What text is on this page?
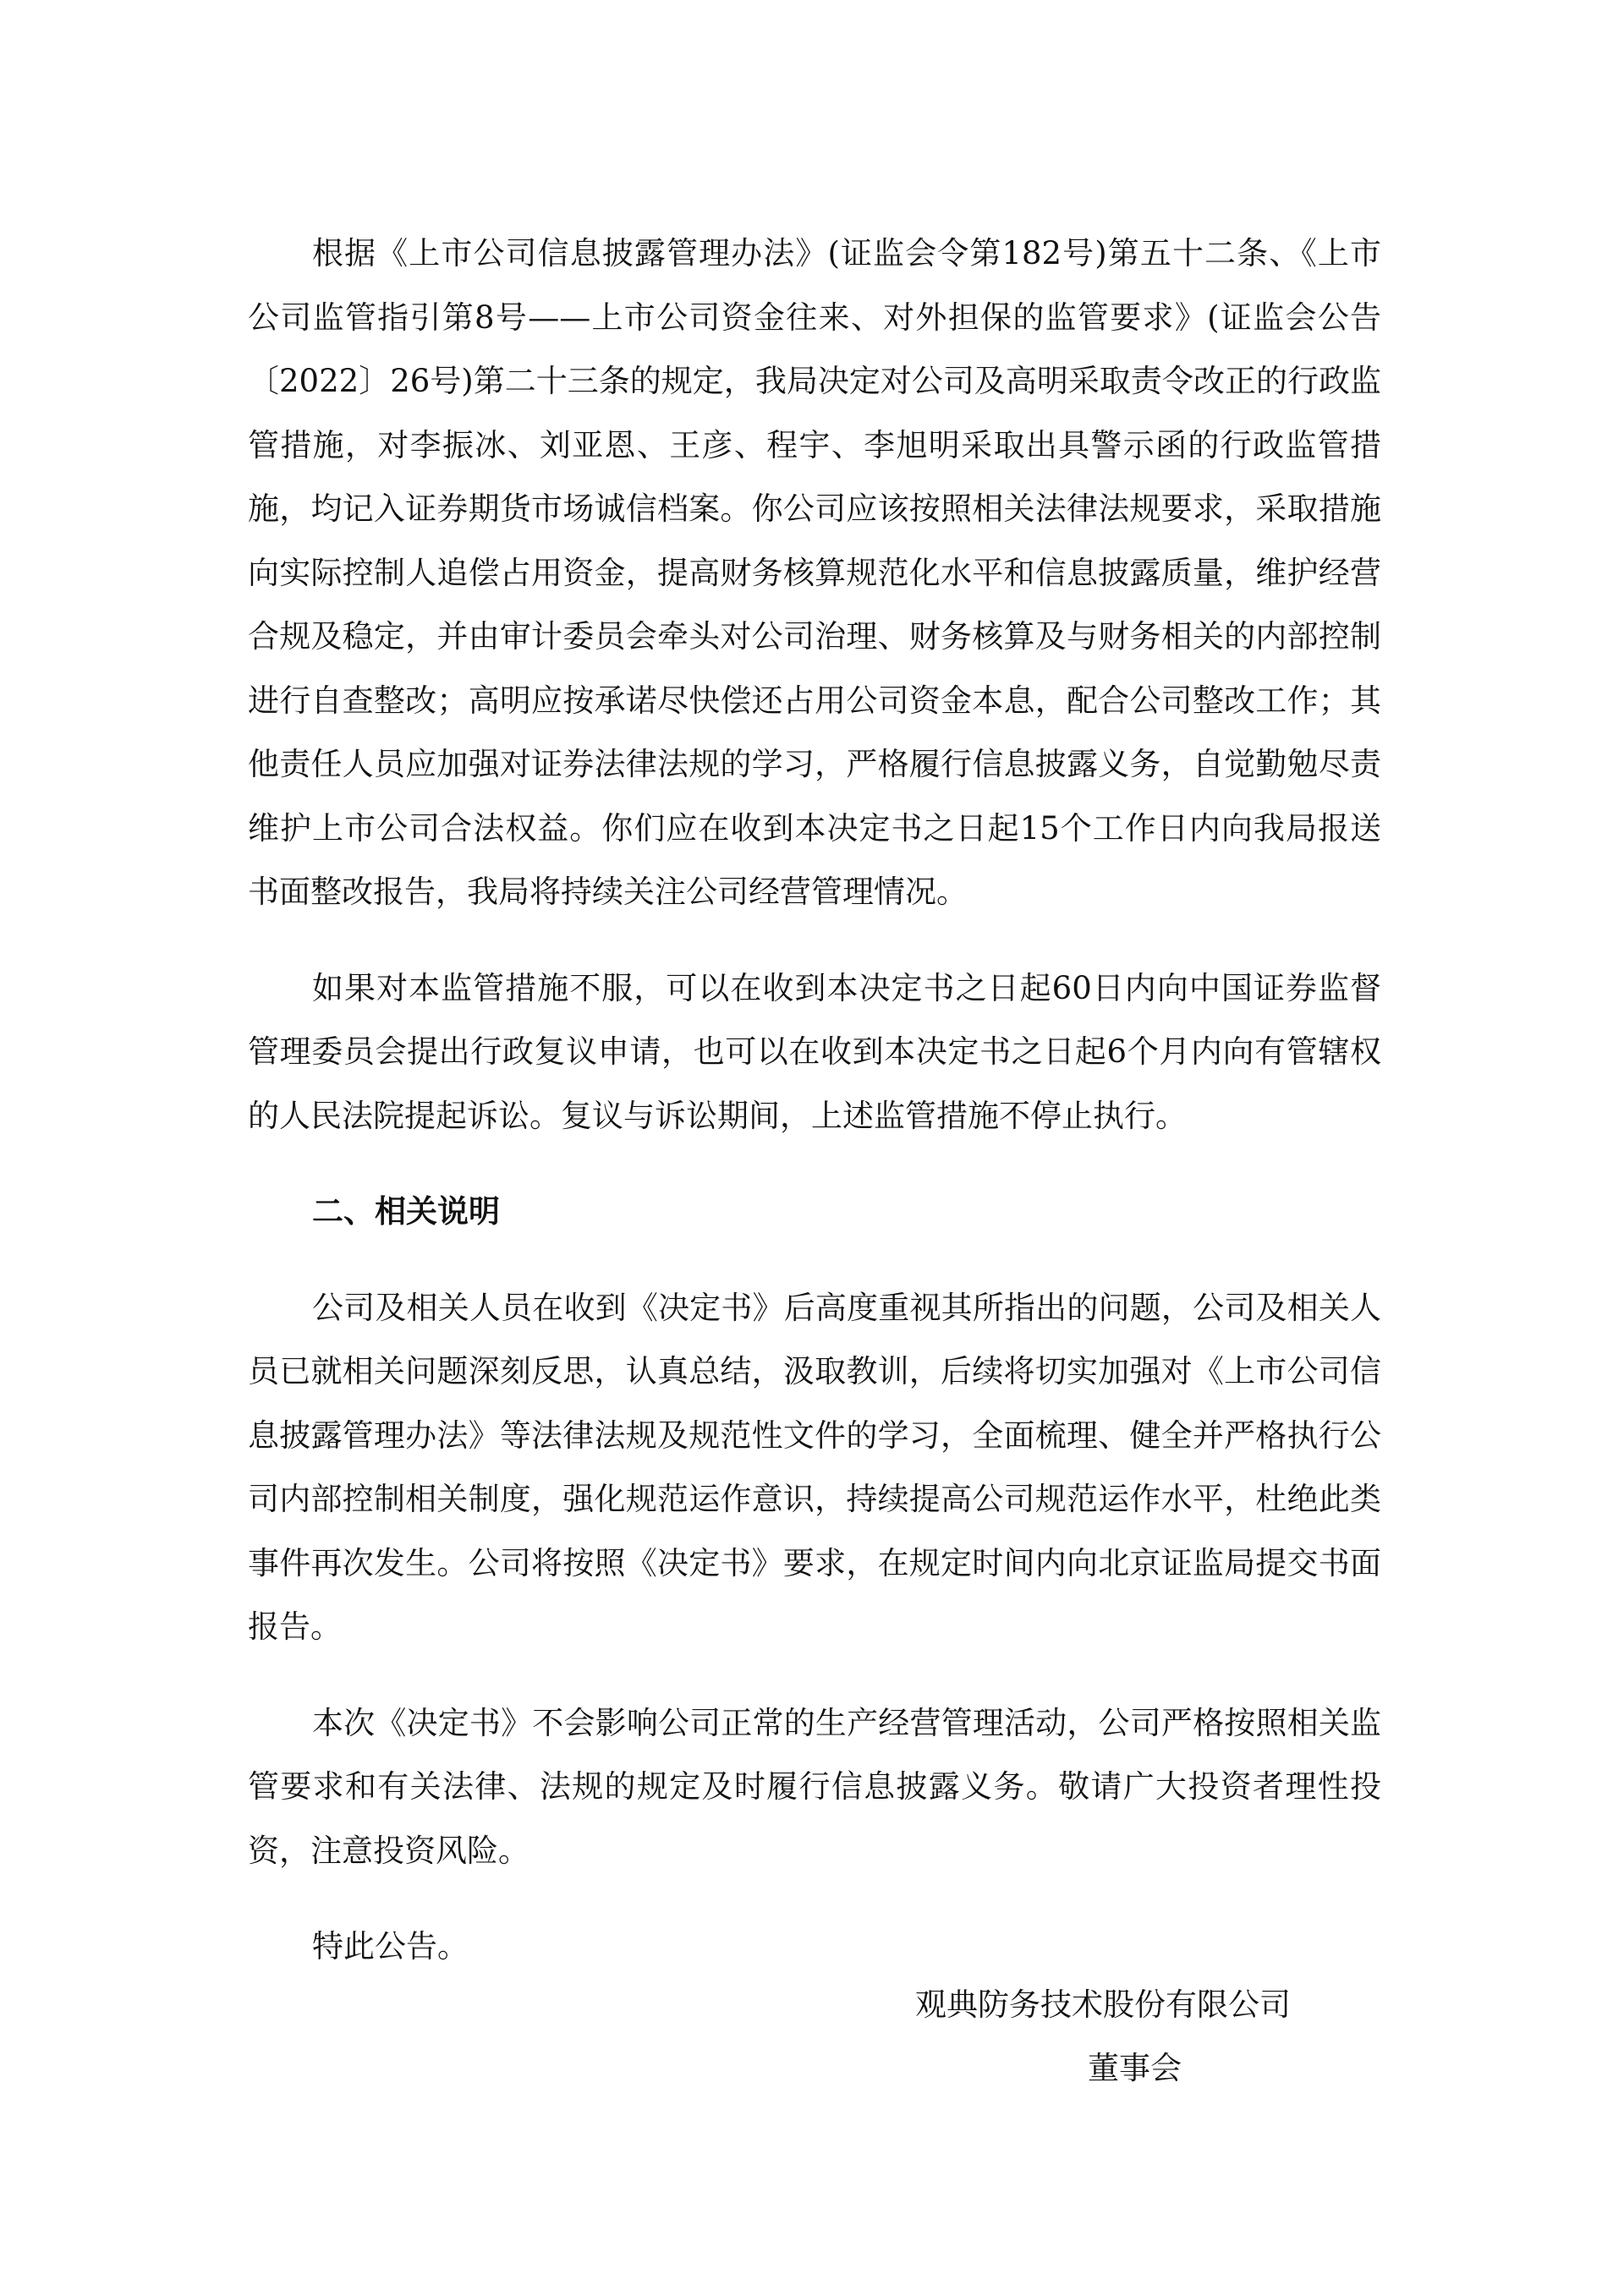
根据《上市公司信息披露管理办法》(证监会令第182号)第五十二条、《上市公司监管指引第8号——上市公司资金往来、对外担保的监管要求》(证监会公告〔2022〕26号)第二十三条的规定，我局决定对公司及高明采取责令改正的行政监管措施，对李振冰、刘亚恩、王彦、程宇、李旭明采取出具警示函的行政监管措施，均记入证券期货市场诚信档案。你公司应该按照相关法律法规要求，采取措施向实际控制人追偿占用资金，提高财务核算规范化水平和信息披露质量，维护经营合规及稳定，并由审计委员会牵头对公司治理、财务核算及与财务相关的内部控制进行自查整改；高明应按承诺尽快偿还占用公司资金本息，配合公司整改工作；其他责任人员应加强对证券法律法规的学习，严格履行信息披露义务，自觉勤勉尽责维护上市公司合法权益。你们应在收到本决定书之日起15个工作日内向我局报送书面整改报告，我局将持续关注公司经营管理情况。

如果对本监管措施不服，可以在收到本决定书之日起60日内向中国证券监督管理委员会提出行政复议申请，也可以在收到本决定书之日起6个月内向有管辖权的人民法院提起诉讼。复议与诉讼期间，上述监管措施不停止执行。

二、相关说明

公司及相关人员在收到《决定书》后高度重视其所指出的问题，公司及相关人员已就相关问题深刻反思，认真总结，汲取教训，后续将切实加强对《上市公司信息披露管理办法》等法律法规及规范性文件的学习，全面梳理、健全并严格执行公司内部控制相关制度，强化规范运作意识，持续提高公司规范运作水平，杜绝此类事件再次发生。公司将按照《决定书》要求，在规定时间内向北京证监局提交书面报告。

本次《决定书》不会影响公司正常的生产经营管理活动，公司严格按照相关监管要求和有关法律、法规的规定及时履行信息披露义务。敬请广大投资者理性投资，注意投资风险。

特此公告。

观典防务技术股份有限公司
董事会
